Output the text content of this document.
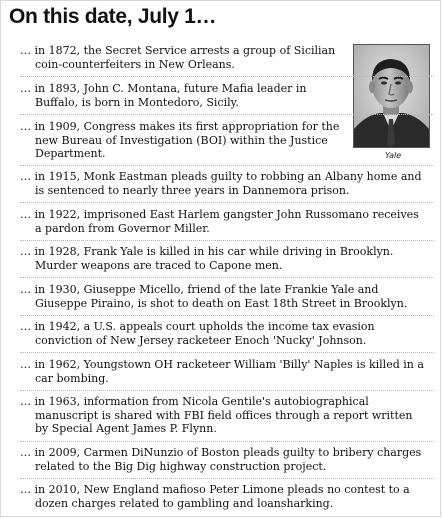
On this date, July 1…
Yale
… in 1872, the Secret Service arrests a group of Sicilian
coin-counterfeiters in New Orleans.
… in 1893, John C. Montana, future Mafia leader in
Buffalo, is born in Montedoro, Sicily.
… in 1909, Congress makes its first appropriation for the
new Bureau of Investigation (BOI) within the Justice
Department.
… in 1915, Monk Eastman pleads guilty to robbing an Albany home and
is sentenced to nearly three years in Dannemora prison.
… in 1922, imprisoned East Harlem gangster John Russomano receives
a pardon from Governor Miller.
… in 1928, Frank Yale is killed in his car while driving in Brooklyn.
Murder weapons are traced to Capone men.
… in 1930, Giuseppe Micello, friend of the late Frankie Yale and
Giuseppe Piraino, is shot to death on East 18th Street in Brooklyn.
… in 1942, a U.S. appeals court upholds the income tax evasion
conviction of New Jersey racketeer Enoch 'Nucky' Johnson.
… in 1962, Youngstown OH racketeer William 'Billy' Naples is killed in a
car bombing.
… in 1963, information from Nicola Gentile's autobiographical
manuscript is shared with FBI field offices through a report written
by Special Agent James P. Flynn.
… in 2009, Carmen DiNunzio of Boston pleads guilty to bribery charges
related to the Big Dig highway construction project.
… in 2010, New England mafioso Peter Limone pleads no contest to a
dozen charges related to gambling and loansharking.
